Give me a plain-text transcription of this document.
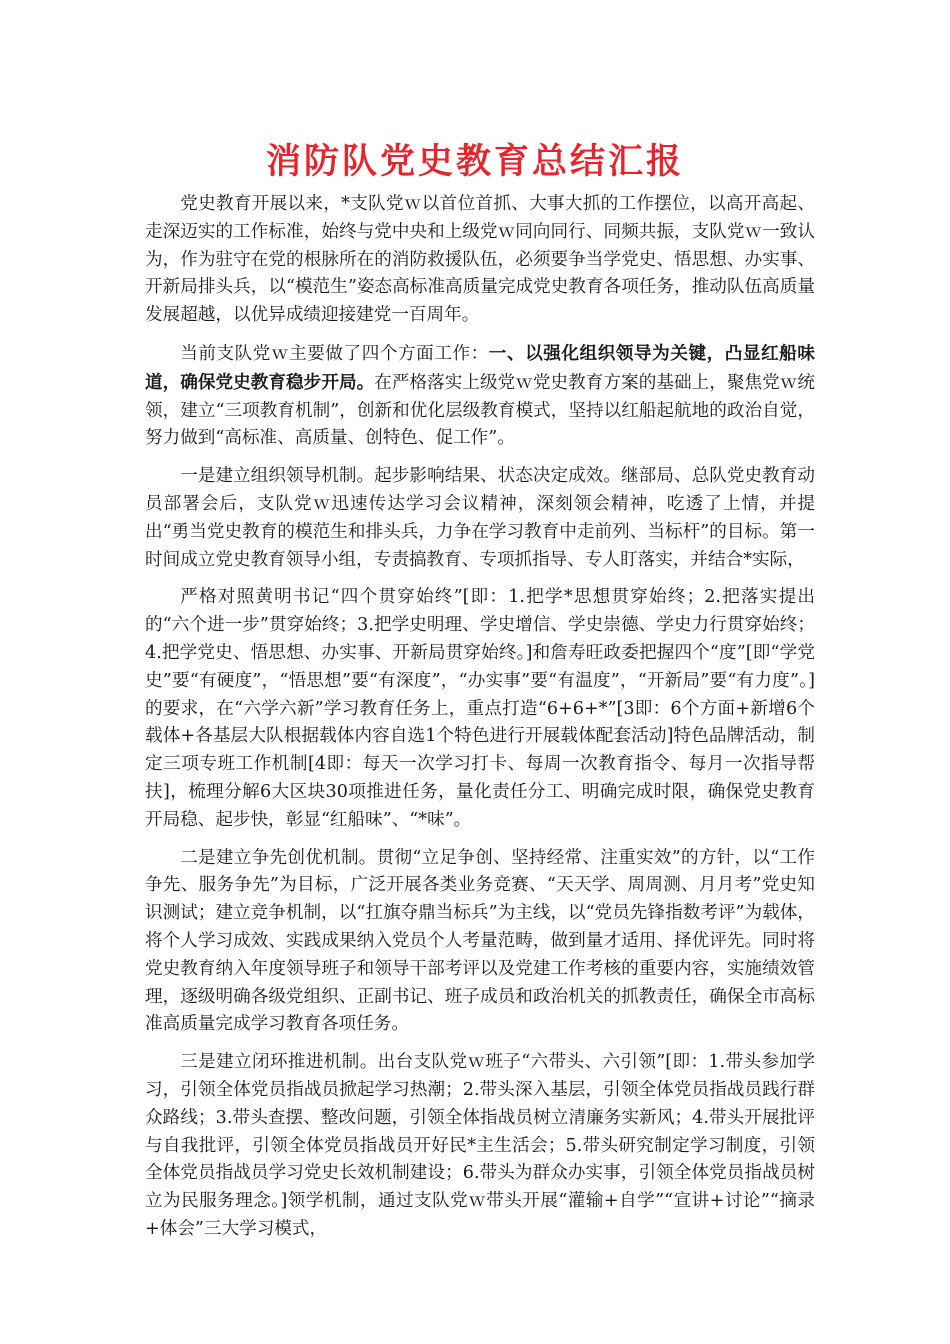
消防队党史教育总结汇报

党史教育开展以来，*支队党ｗ以首位首抓、大事大抓的工作摆位，以高开高起、走深迈实的工作标准，始终与党中央和上级党ｗ同向同行、同频共振，支队党ｗ一致认为，作为驻守在党的根脉所在的消防救援队伍，必须要争当学党史、悟思想、办实事、开新局排头兵，以“模范生”姿态高标准高质量完成党史教育各项任务，推动队伍高质量发展超越，以优异成绩迎接建党一百周年。

当前支队党ｗ主要做了四个方面工作：一、以强化组织领导为关键，凸显红船味道，确保党史教育稳步开局。在严格落实上级党ｗ党史教育方案的基础上，聚焦党ｗ统领，建立“三项教育机制”，创新和优化层级教育模式，坚持以红船起航地的政治自觉，努力做到“高标准、高质量、创特色、促工作”。

一是建立组织领导机制。起步影响结果、状态决定成效。继部局、总队党史教育动员部署会后，支队党ｗ迅速传达学习会议精神，深刻领会精神，吃透了上情，并提出“勇当党史教育的模范生和排头兵，力争在学习教育中走前列、当标杆”的目标。第一时间成立党史教育领导小组，专责搞教育、专项抓指导、专人盯落实，并结合*实际，

严格对照黄明书记“四个贯穿始终”[即：1.把学*思想贯穿始终；2.把落实提出的“六个进一步”贯穿始终；3.把学史明理、学史增信、学史崇德、学史力行贯穿始终；4.把学党史、悟思想、办实事、开新局贯穿始终。]和詹寿旺政委把握四个“度”[即“学党史”要“有硬度”，“悟思想”要“有深度”，“办实事”要“有温度”，“开新局”要“有力度”。]的要求，在“六学六新”学习教育任务上，重点打造“6+6+*”[3即：6个方面+新增6个载体+各基层大队根据载体内容自选1个特色进行开展载体配套活动]特色品牌活动，制定三项专班工作机制[4即：每天一次学习打卡、每周一次教育指令、每月一次指导帮扶]，梳理分解6大区块30项推进任务，量化责任分工、明确完成时限，确保党史教育开局稳、起步快，彰显“红船味”、“*味”。

二是建立争先创优机制。贯彻“立足争创、坚持经常、注重实效”的方针，以“工作争先、服务争先”为目标，广泛开展各类业务竞赛、“天天学、周周测、月月考”党史知识测试；建立竞争机制，以“扛旗夺鼎当标兵”为主线，以“党员先锋指数考评”为载体，将个人学习成效、实践成果纳入党员个人考量范畴，做到量才适用、择优评先。同时将党史教育纳入年度领导班子和领导干部考评以及党建工作考核的重要内容，实施绩效管理，逐级明确各级党组织、正副书记、班子成员和政治机关的抓教责任，确保全市高标准高质量完成学习教育各项任务。

三是建立闭环推进机制。出台支队党ｗ班子“六带头、六引领”[即：1.带头参加学习，引领全体党员指战员掀起学习热潮；2.带头深入基层，引领全体党员指战员践行群众路线；3.带头查摆、整改问题，引领全体指战员树立清廉务实新风；4.带头开展批评与自我批评，引领全体党员指战员开好民*主生活会；5.带头研究制定学习制度，引领全体党员指战员学习党史长效机制建设；6.带头为群众办实事，引领全体党员指战员树立为民服务理念。]领学机制，通过支队党ｗ带头开展“灌输+自学”“宣讲+讨论”“摘录+体会”三大学习模式，
